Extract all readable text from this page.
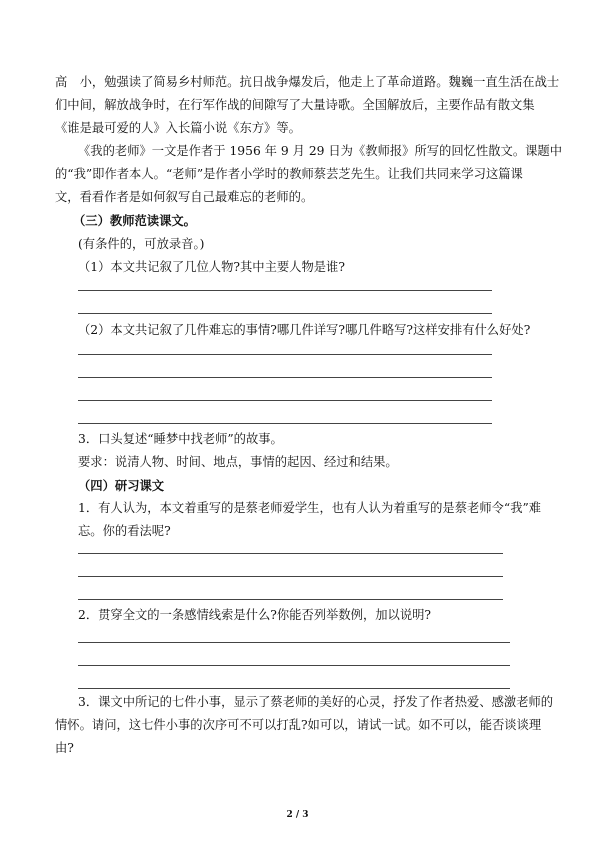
高　小，勉强读了简易乡村师范。抗日战争爆发后，他走上了革命道路。魏巍一直生活在战士
们中间，解放战争时，在行军作战的间隙写了大量诗歌。全国解放后，主要作品有散文集
《谁是最可爱的人》入长篇小说《东方》等。
《我的老师》一文是作者于 1956 年 9 月 29 日为《教师报》所写的回忆性散文。课题中
的“我”即作者本人。“老师”是作者小学时的教师蔡芸芝先生。让我们共同来学习这篇课
文，看看作者是如何叙写自己最难忘的老师的。
（三）教师范读课文。
(有条件的，可放录音。)
（1）本文共记叙了几位人物?其中主要人物是谁?
（2）本文共记叙了几件难忘的事情?哪几件详写?哪几件略写?这样安排有什么好处?
3．口头复述“睡梦中找老师”的故事。
要求：说清人物、时间、地点，事情的起因、经过和结果。
（四）研习课文
1．有人认为，本文着重写的是蔡老师爱学生，也有人认为着重写的是蔡老师令“我”难
忘。你的看法呢?
2．贯穿全文的一条感情线索是什么?你能否列举数例，加以说明?
3．课文中所记的七件小事，显示了蔡老师的美好的心灵，抒发了作者热爱、感激老师的
情怀。请问，这七件小事的次序可不可以打乱?如可以，请试一试。如不可以，能否谈谈理
由?
2 / 3
